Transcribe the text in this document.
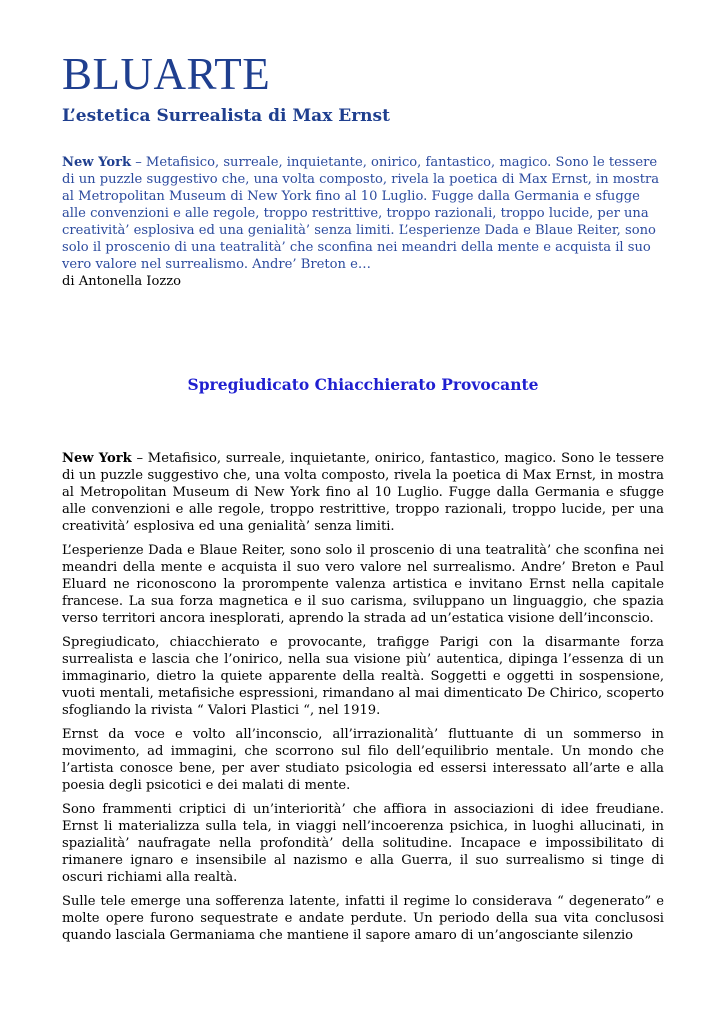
BLUARTE
L’estetica Surrealista di Max Ernst
New York – Metafisico, surreale, inquietante, onirico, fantastico, magico. Sono le tessere di un puzzle suggestivo che, una volta composto, rivela la poetica di Max Ernst, in mostra al Metropolitan Museum di New York fino al 10 Luglio. Fugge dalla Germania e sfugge alle convenzioni e alle regole, troppo restrittive, troppo razionali, troppo lucide, per una creatività’ esplosiva ed una genialità’ senza limiti. L’esperienze Dada e Blaue Reiter, sono solo il proscenio di una teatralità’ che sconfina nei meandri della mente e acquista il suo vero valore nel surrealismo. Andre’ Breton e…

di Antonella Iozzo

Spregiudicato Chiacchierato Provocante

New York – Metafisico, surreale, inquietante, onirico, fantastico, magico. Sono le tessere di un puzzle suggestivo che, una volta composto, rivela la poetica di Max Ernst, in mostra al Metropolitan Museum di New York fino al 10 Luglio. Fugge dalla Germania e sfugge alle convenzioni e alle regole, troppo restrittive, troppo razionali, troppo lucide, per una creatività’ esplosiva ed una genialità’ senza limiti.

L’esperienze Dada e Blaue Reiter, sono solo il proscenio di una teatralità’ che sconfina nei meandri della mente e acquista il suo vero valore nel surrealismo. Andre’ Breton e Paul Eluard ne riconoscono la prorompente valenza artistica e invitano Ernst nella capitale francese. La sua forza magnetica e il suo carisma, sviluppano un linguaggio, che spazia verso territori ancora inesplorati, aprendo la strada ad un’estatica visione dell’inconscio.

Spregiudicato, chiacchierato e provocante, trafigge Parigi con la disarmante forza surrealista e lascia che l’onirico, nella sua visione più’ autentica, dipinga l’essenza di un immaginario, dietro la quiete apparente della realtà. Soggetti e oggetti in sospensione, vuoti mentali, metafisiche espressioni, rimandano al mai dimenticato De Chirico, scoperto sfogliando la rivista “ Valori Plastici “, nel 1919.

Ernst da voce e volto all’inconscio, all’irrazionalità’ fluttuante di un sommerso in movimento, ad immagini, che scorrono sul filo dell’equilibrio mentale. Un mondo che l’artista conosce bene, per aver studiato psicologia ed essersi interessato all’arte e alla poesia degli psicotici e dei malati di mente.

Sono frammenti criptici di un’interiorità’ che affiora in associazioni di idee freudiane. Ernst li materializza sulla tela, in viaggi nell’incoerenza psichica, in luoghi allucinati, in spazialità’ naufragate nella profondità’ della solitudine. Incapace e impossibilitato di rimanere ignaro e insensibile al nazismo e alla Guerra, il suo surrealismo si tinge di oscuri richiami alla realtà.

Sulle tele emerge una sofferenza latente, infatti il regime lo considerava “ degenerato” e molte opere furono sequestrate e andate perdute. Un periodo della sua vita conclusosi quando lasciala Germaniama che mantiene il sapore amaro di un’angosciante silenzio
